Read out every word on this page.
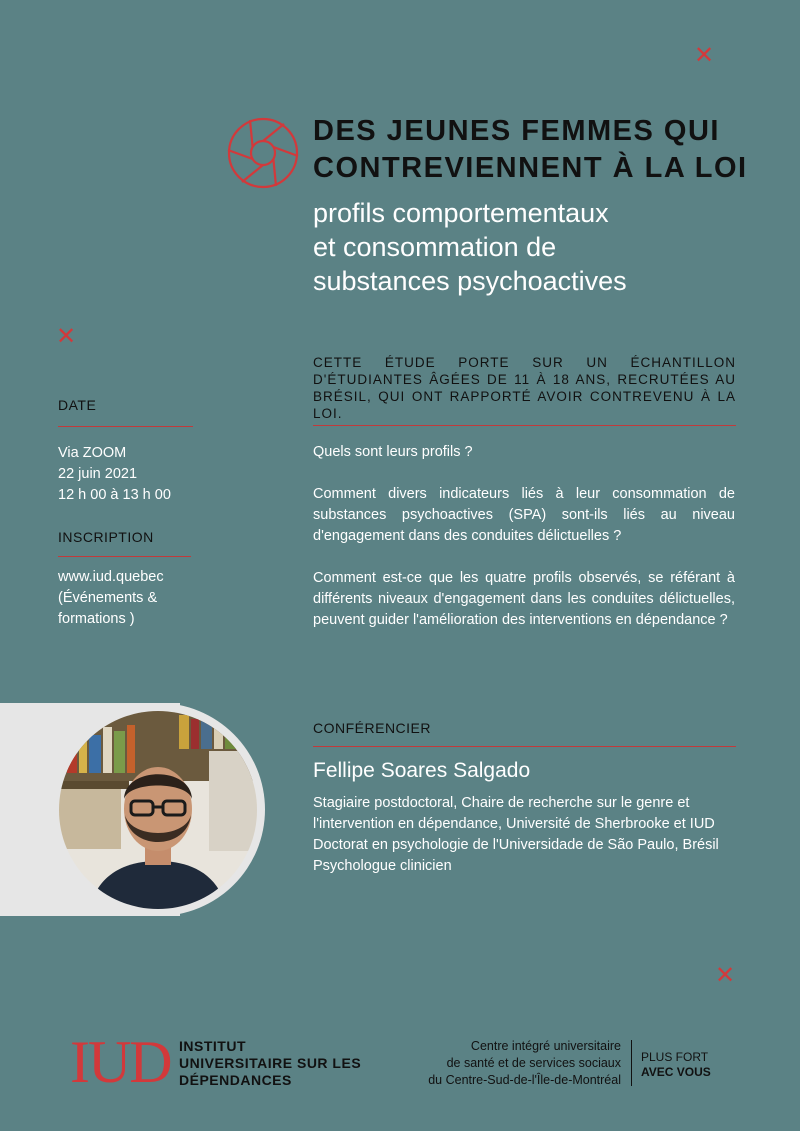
✕
✕
✕
DES JEUNES FEMMES QUI
CONTREVIENNENT À LA LOI
profils comportementaux
et consommation de
substances psychoactives
CETTE ÉTUDE PORTE SUR UN ÉCHANTILLON D'ÉTUDIANTES ÂGÉES DE 11 À 18 ANS, RECRUTÉES AU BRÉSIL, QUI ONT RAPPORTÉ AVOIR CONTREVENU À LA LOI.
Quels sont leurs profils ?
Comment divers indicateurs liés à leur consommation de substances psychoactives (SPA) sont-ils liés au niveau d'engagement dans des conduites délictuelles ?
Comment est-ce que les quatre profils observés, se référant à différents niveaux d'engagement dans les conduites délictuelles, peuvent guider l'amélioration des interventions en dépendance ?
DATE
Via ZOOM
22 juin 2021
12 h 00 à 13 h 00
INSCRIPTION
www.iud.quebec
(Événements &
formations )
CONFÉRENCIER
Fellipe Soares Salgado
Stagiaire postdoctoral, Chaire de recherche sur le genre et l'intervention en dépendance, Université de Sherbrooke et IUD
Doctorat en psychologie de l'Universidade de São Paulo, Brésil
Psychologue clinicien
IUD INSTITUT
UNIVERSITAIRE SUR LES
DÉPENDANCES
Centre intégré universitaire
de santé et de services sociaux
du Centre-Sud-de-l'Île-de-Montréal
PLUS FORT
AVEC VOUS
